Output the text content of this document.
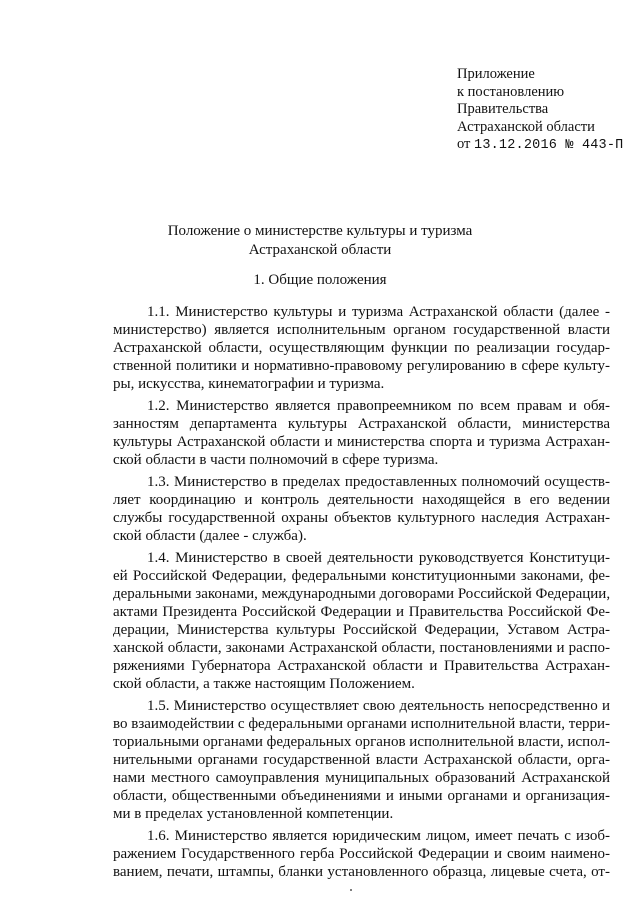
Приложение
к постановлению
Правительства
Астраханской области
от 13.12.2016 № 443-П
Положение о министерстве культуры и туризма
Астраханской области
1. Общие положения
1.1. Министерство культуры и туризма Астраханской области (далее -
министерство) является исполнительным органом государственной власти
Астраханской области, осуществляющим функции по реализации государ-
ственной политики и нормативно-правовому регулированию в сфере культу-
ры, искусства, кинематографии и туризма.
1.2. Министерство является правопреемником по всем правам и обя-
занностям департамента культуры Астраханской области, министерства
культуры Астраханской области и министерства спорта и туризма Астрахан-
ской области в части полномочий в сфере туризма.
1.3. Министерство в пределах предоставленных полномочий осуществ-
ляет координацию и контроль деятельности находящейся в его ведении
службы государственной охраны объектов культурного наследия Астрахан-
ской области (далее - служба).
1.4. Министерство в своей деятельности руководствуется Конституци-
ей Российской Федерации, федеральными конституционными законами, фе-
деральными законами, международными договорами Российской Федерации,
актами Президента Российской Федерации и Правительства Российской Фе-
дерации, Министерства культуры Российской Федерации, Уставом Астра-
ханской области, законами Астраханской области, постановлениями и распо-
ряжениями Губернатора Астраханской области и Правительства Астрахан-
ской области, а также настоящим Положением.
1.5. Министерство осуществляет свою деятельность непосредственно и
во взаимодействии с федеральными органами исполнительной власти, терри-
ториальными органами федеральных органов исполнительной власти, испол-
нительными органами государственной власти Астраханской области, орга-
нами местного самоуправления муниципальных образований Астраханской
области, общественными объединениями и иными органами и организация-
ми в пределах установленной компетенции.
1.6. Министерство является юридическим лицом, имеет печать с изоб-
ражением Государственного герба Российской Федерации и своим наимено-
ванием, печати, штампы, бланки установленного образца, лицевые счета, от-
